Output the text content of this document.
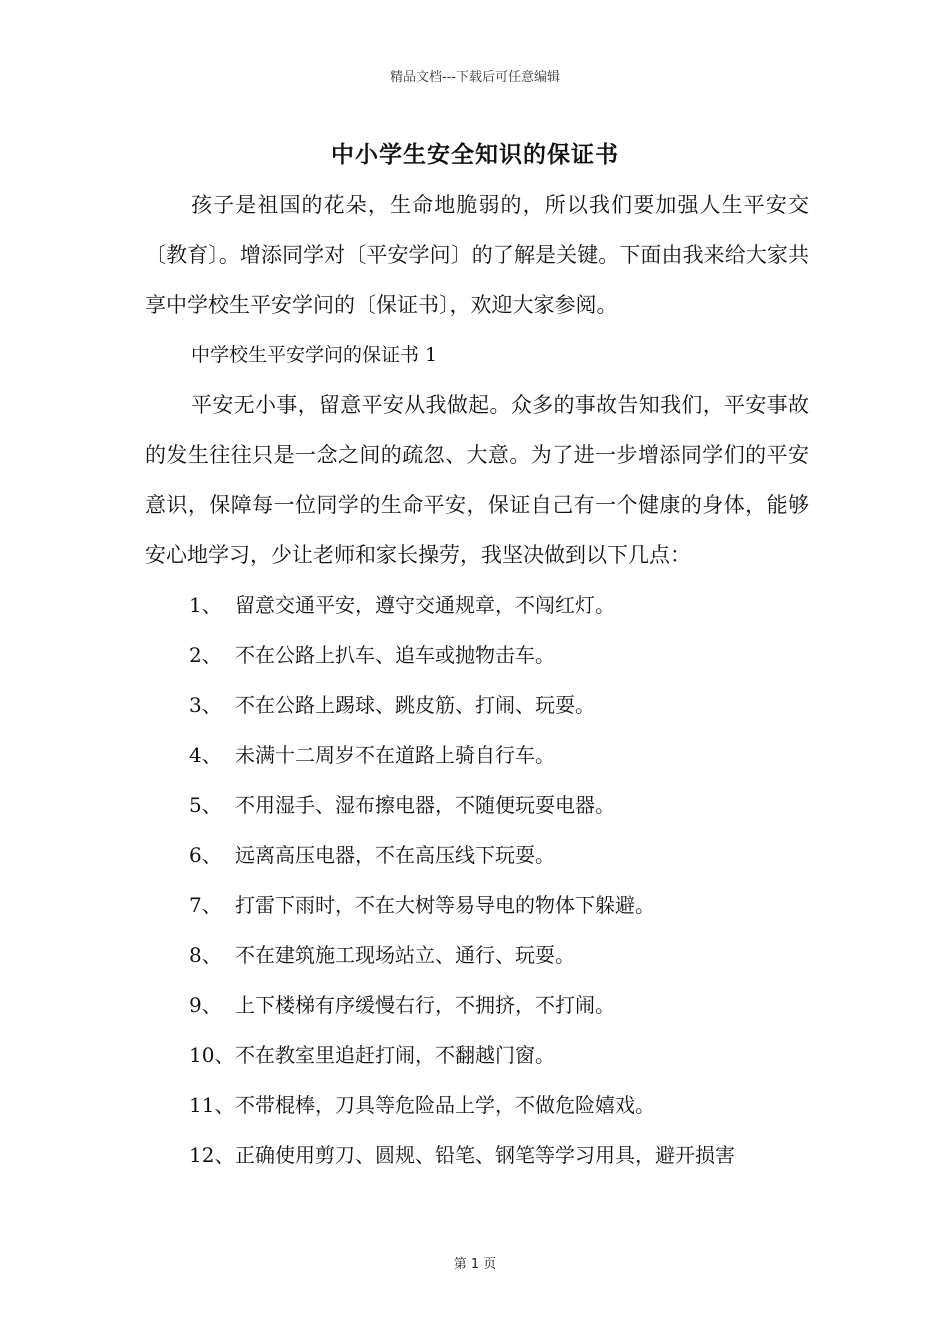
精品文档---下载后可任意编辑
中小学生安全知识的保证书

孩子是祖国的花朵，生命地脆弱的，所以我们要加强人生平安交〔教育〕。增添同学对〔平安学问〕的了解是关键。下面由我来给大家共享中学校生平安学问的〔保证书〕，欢迎大家参阅。

中学校生平安学问的保证书 1

平安无小事，留意平安从我做起。众多的事故告知我们，平安事故的发生往往只是一念之间的疏忽、大意。为了进一步增添同学们的平安意识，保障每一位同学的生命平安，保证自己有一个健康的身体，能够安心地学习，少让老师和家长操劳，我坚决做到以下几点：

1、 留意交通平安，遵守交通规章，不闯红灯。
2、 不在公路上扒车、追车或抛物击车。
3、 不在公路上踢球、跳皮筋、打闹、玩耍。
4、 未满十二周岁不在道路上骑自行车。
5、 不用湿手、湿布擦电器，不随便玩耍电器。
6、 远离高压电器，不在高压线下玩耍。
7、 打雷下雨时，不在大树等易导电的物体下躲避。
8、 不在建筑施工现场站立、通行、玩耍。
9、 上下楼梯有序缓慢右行，不拥挤，不打闹。
10、不在教室里追赶打闹，不翻越门窗。
11、不带棍棒，刀具等危险品上学，不做危险嬉戏。
12、正确使用剪刀、圆规、铅笔、钢笔等学习用具，避开损害
第 1 页
